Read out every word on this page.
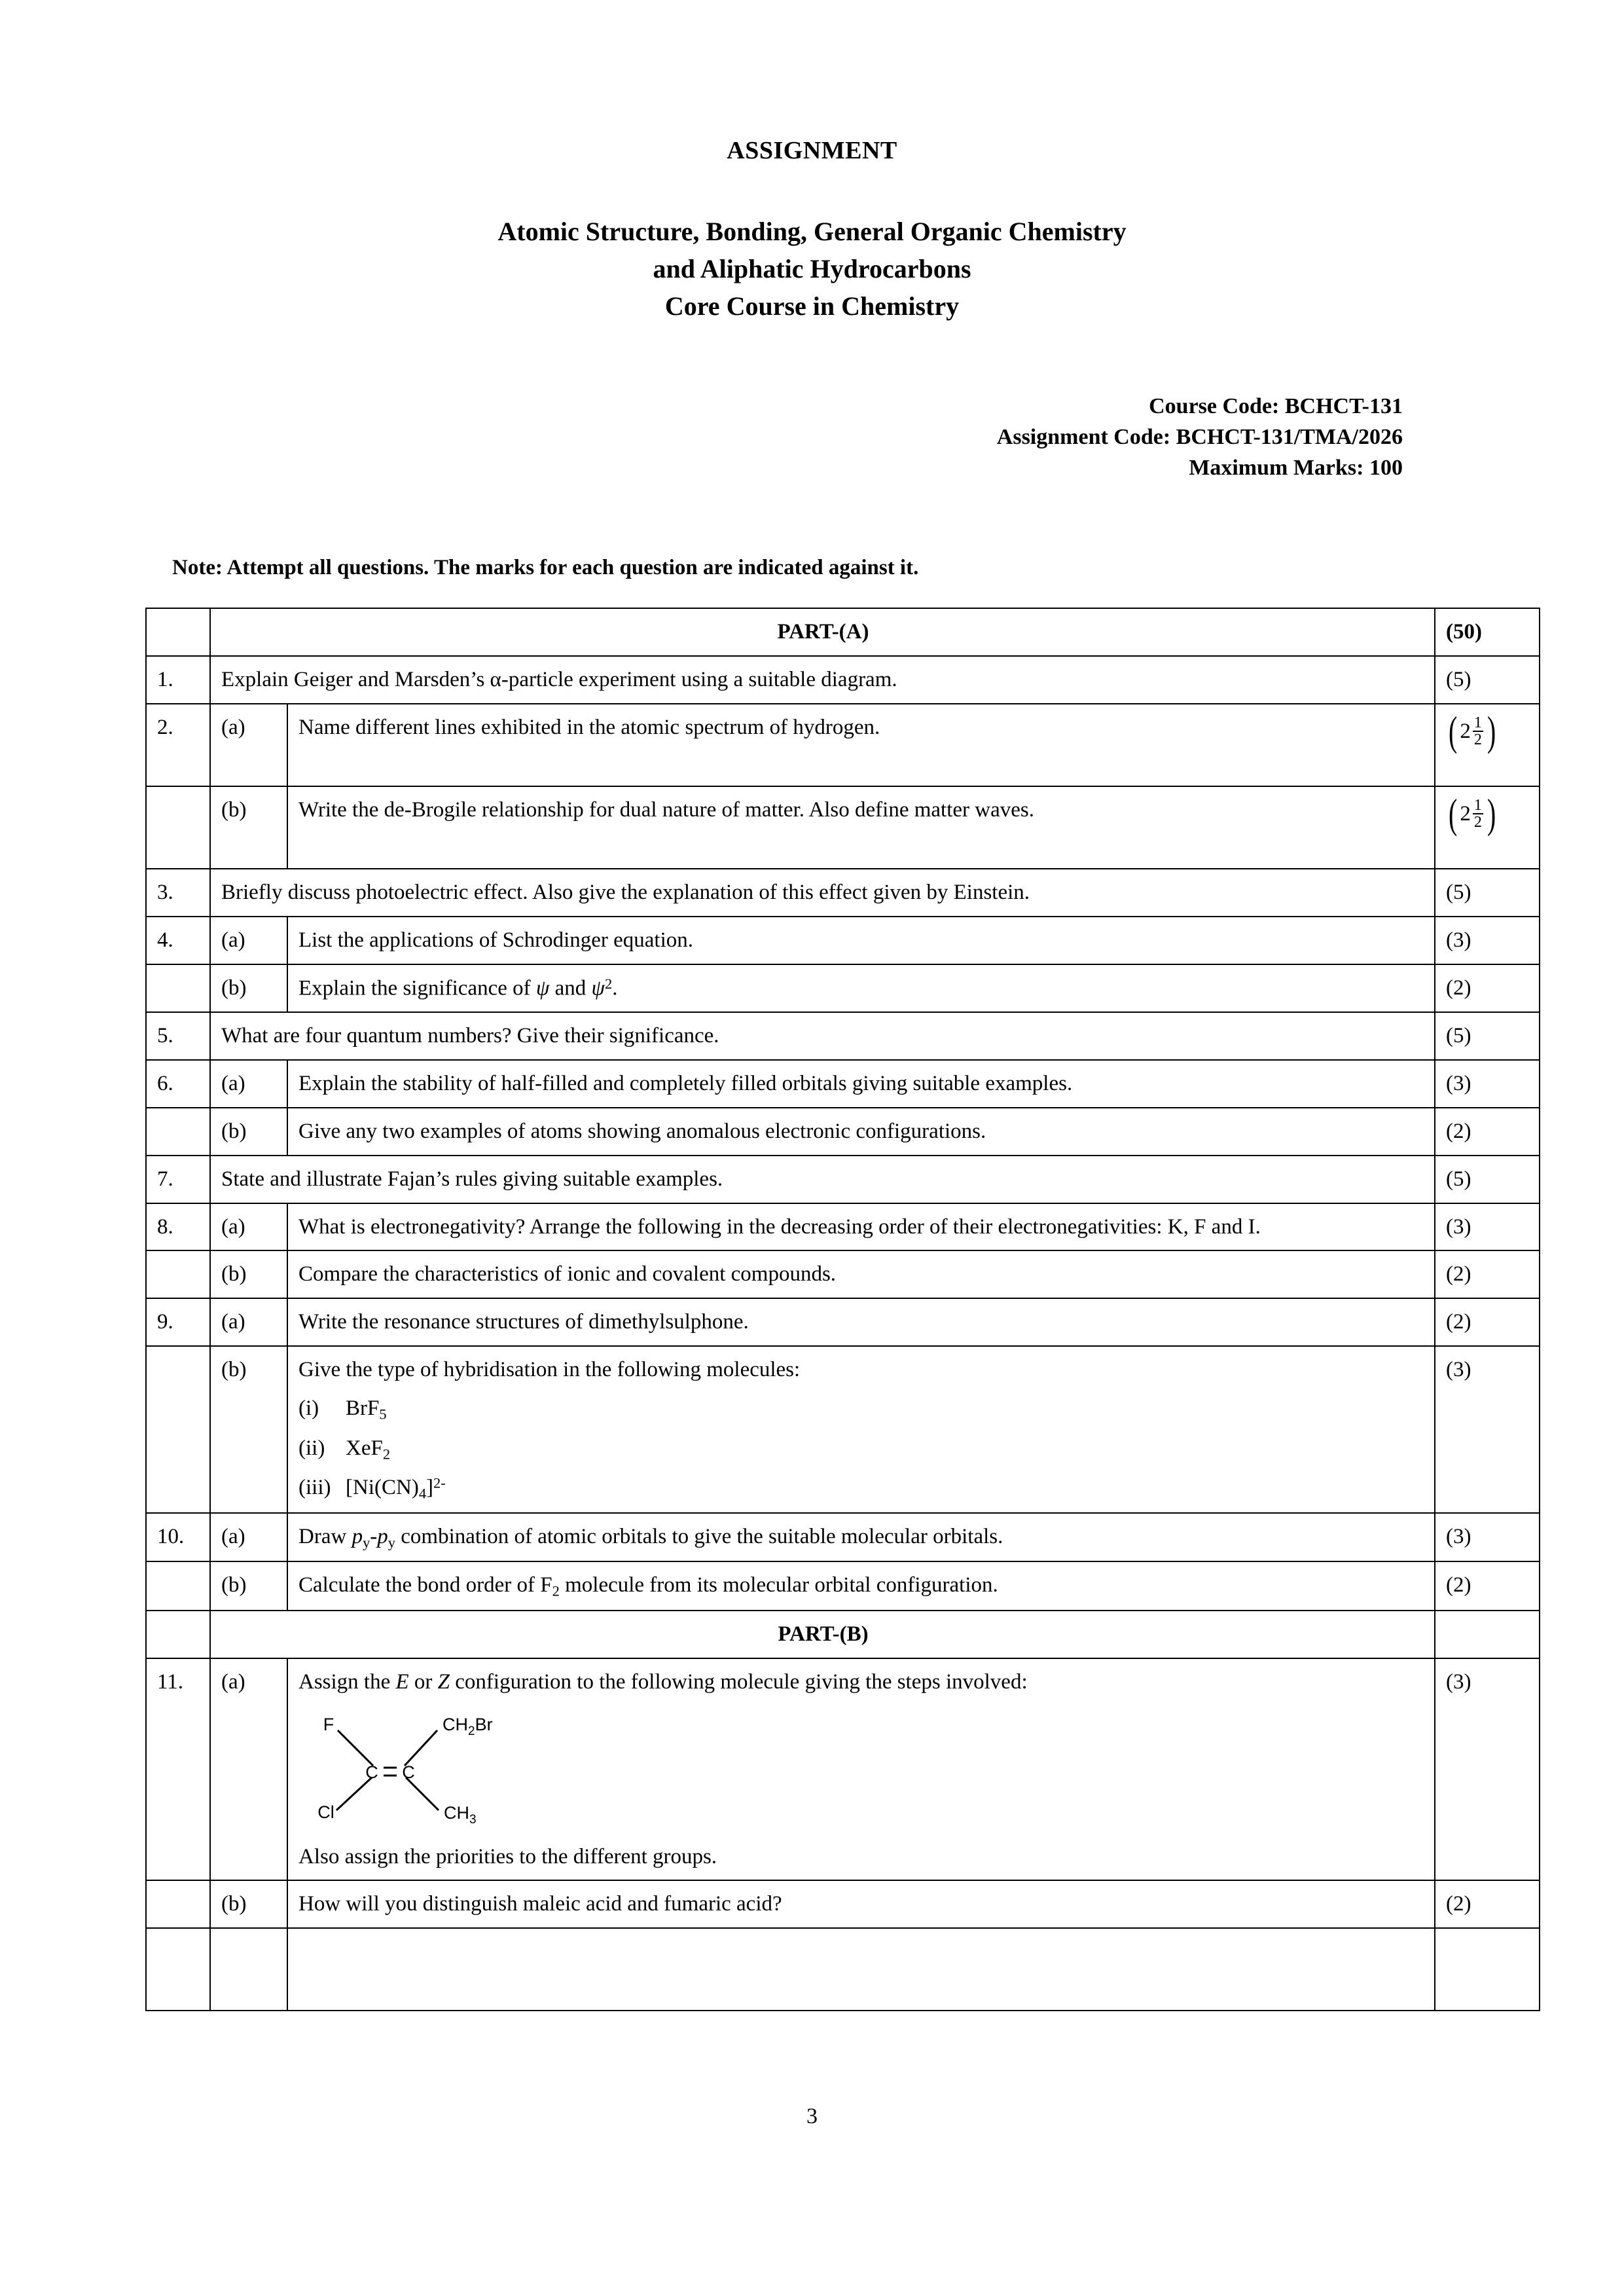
ASSIGNMENT
Atomic Structure, Bonding, General Organic Chemistry
and Aliphatic Hydrocarbons
Core Course in Chemistry
Course Code: BCHCT-131
Assignment Code: BCHCT-131/TMA/2026
Maximum Marks: 100
Note: Attempt all questions. The marks for each question are indicated against it.
	PART-(A)		(50)
1.	Explain Geiger and Marsden’s α-particle experiment using a suitable diagram.		(5)
2.	(a)	Name different lines exhibited in the atomic spectrum of hydrogen.	( $2 \frac{1}{2}$ )

	(b)	Write the de-Brogile relationship for dual nature of matter. Also define matter waves.	( $2 \frac{1}{2}$ )

3.	Briefly discuss photoelectric effect. Also give the explanation of this effect given by Einstein.		(5)
4.	(a)	List the applications of Schrodinger equation.	(3)
	(b)	Explain the significance of ψ and $\psi^2$.	(2)
5.	What are four quantum numbers? Give their significance.		(5)
6.	(a)	Explain the stability of half-filled and completely filled orbitals giving suitable examples.	(3)
	(b)	Give any two examples of atoms showing anomalous electronic configurations.	(2)
7.	State and illustrate Fajan’s rules giving suitable examples.		(5)
8.	(a)	What is electronegativity? Arrange the following in the decreasing order of their electronegativities: K, F and I.	(3)
	(b)	Compare the characteristics of ionic and covalent compounds.	(2)
9.	(a)	Write the resonance structures of dimethylsulphone.	(2)
	(b)	Give the type of hybridisation in the following molecules:
(i) BrF$_5$
(ii) XeF$_2$
(iii) $[Ni(CN)_4]^{2-}$	(3)
10.	(a)	Draw $p_y-p_y$ combination of atomic orbitals to give the suitable molecular orbitals.	(3)
	(b)	Calculate the bond order of $F_2$ molecule from its molecular orbital configuration.	(2)
	PART-(B)		
11.	(a)	Assign the E or Z configuration to the following molecule giving the steps involved:
C C
F
Cl
$CH_2Br$
$CH_3$
Also assign the priorities to the different groups.
	(3)
	(b)	How will you distinguish maleic acid and fumaric acid?	(2)

3
